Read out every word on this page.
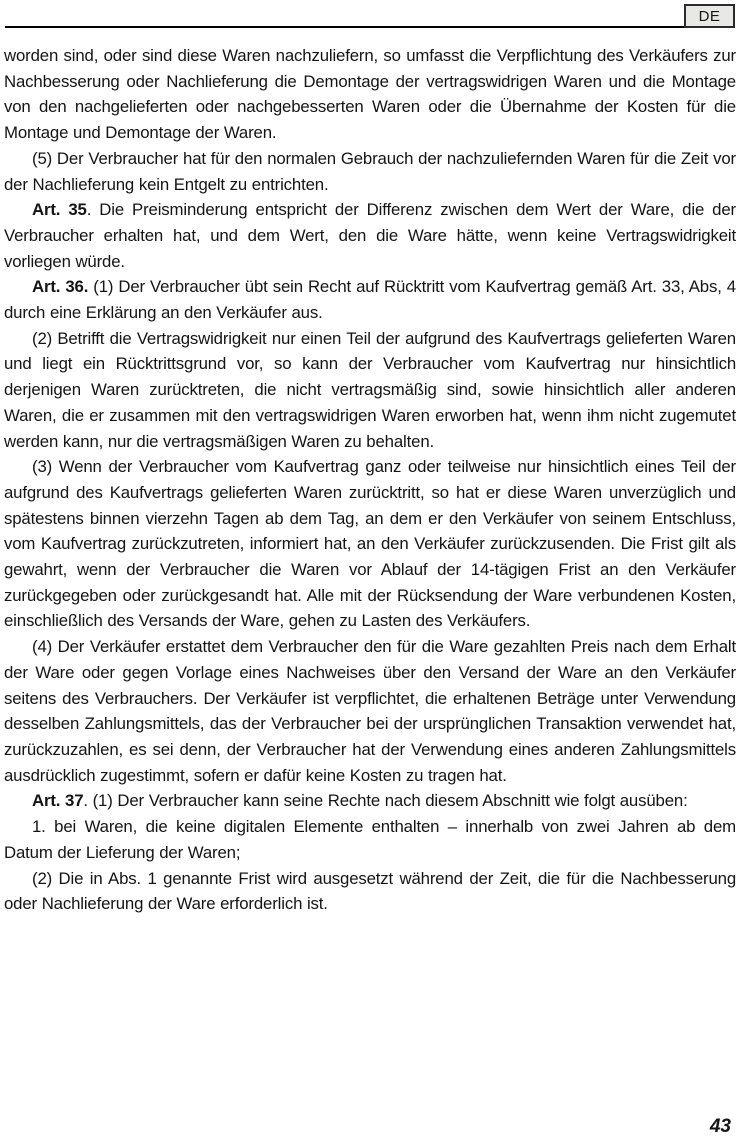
DE

worden sind, oder sind diese Waren nachzuliefern, so umfasst die Verpflichtung des Verkäufers zur Nachbesserung oder Nachlieferung die Demontage der vertragswidrigen Waren und die Montage von den nachgelieferten oder nachgebesserten Waren oder die Übernahme der Kosten für die Montage und Demontage der Waren.

(5) Der Verbraucher hat für den normalen Gebrauch der nachzuliefernden Waren für die Zeit vor der Nachlieferung kein Entgelt zu entrichten.

Art. 35. Die Preisminderung entspricht der Differenz zwischen dem Wert der Ware, die der Verbraucher erhalten hat, und dem Wert, den die Ware hätte, wenn keine Vertragswidrigkeit vorliegen würde.

Art. 36. (1) Der Verbraucher übt sein Recht auf Rücktritt vom Kaufvertrag gemäß Art. 33, Abs, 4 durch eine Erklärung an den Verkäufer aus.

(2) Betrifft die Vertragswidrigkeit nur einen Teil der aufgrund des Kaufvertrags gelieferten Waren und liegt ein Rücktrittsgrund vor, so kann der Verbraucher vom Kaufvertrag nur hinsichtlich derjenigen Waren zurücktreten, die nicht vertragsmäßig sind, sowie hinsichtlich aller anderen Waren, die er zusammen mit den vertragswidrigen Waren erworben hat, wenn ihm nicht zugemutet werden kann, nur die vertragsmäßigen Waren zu behalten.

(3) Wenn der Verbraucher vom Kaufvertrag ganz oder teilweise nur hinsichtlich eines Teil der aufgrund des Kaufvertrags gelieferten Waren zurücktritt, so hat er diese Waren unverzüglich und spätestens binnen vierzehn Tagen ab dem Tag, an dem er den Verkäufer von seinem Entschluss, vom Kaufvertrag zurückzutreten, informiert hat, an den Verkäufer zurückzusenden. Die Frist gilt als gewahrt, wenn der Verbraucher die Waren vor Ablauf der 14-tägigen Frist an den Verkäufer zurückgegeben oder zurückgesandt hat. Alle mit der Rücksendung der Ware verbundenen Kosten, einschließlich des Versands der Ware, gehen zu Lasten des Verkäufers.

(4) Der Verkäufer erstattet dem Verbraucher den für die Ware gezahlten Preis nach dem Erhalt der Ware oder gegen Vorlage eines Nachweises über den Versand der Ware an den Verkäufer seitens des Verbrauchers. Der Verkäufer ist verpflichtet, die erhaltenen Beträge unter Verwendung desselben Zahlungsmittels, das der Verbraucher bei der ursprünglichen Transaktion verwendet hat, zurückzuzahlen, es sei denn, der Verbraucher hat der Verwendung eines anderen Zahlungsmittels ausdrücklich zugestimmt, sofern er dafür keine Kosten zu tragen hat.

Art. 37. (1) Der Verbraucher kann seine Rechte nach diesem Abschnitt wie folgt ausüben:

1. bei Waren, die keine digitalen Elemente enthalten – innerhalb von zwei Jahren ab dem Datum der Lieferung der Waren;

(2) Die in Abs. 1 genannte Frist wird ausgesetzt während der Zeit, die für die Nachbesserung oder Nachlieferung der Ware erforderlich ist.

43
